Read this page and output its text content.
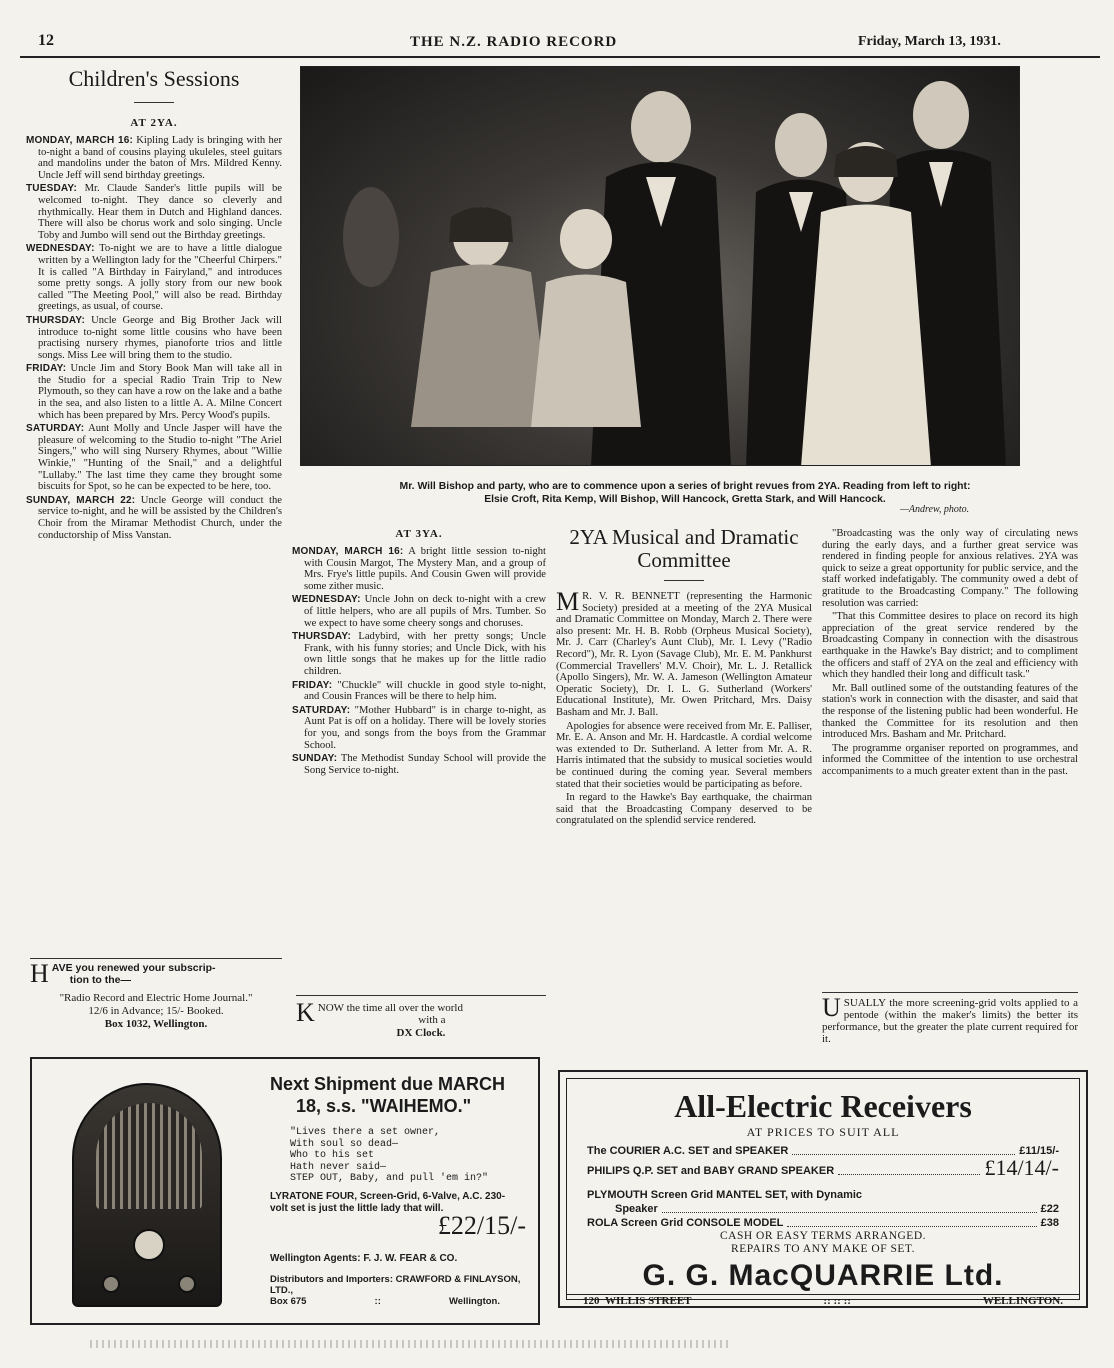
12	THE N.Z. RADIO RECORD	Friday, March 13, 1931.
Children's Sessions
AT 2YA.

MONDAY, MARCH 16: Kipling Lady is bringing with her to-night a band of cousins playing ukuleles, steel guitars and mandolins under the baton of Mrs. Mildred Kenny. Uncle Jeff will send birthday greetings.

TUESDAY: Mr. Claude Sander's little pupils will be welcomed to-night. They dance so cleverly and rhythmically. Hear them in Dutch and Highland dances. There will also be chorus work and solo singing. Uncle Toby and Jumbo will send out the Birthday greetings.

WEDNESDAY: To-night we are to have a little dialogue written by a Wellington lady for the "Cheerful Chirpers." It is called "A Birthday in Fairyland," and introduces some pretty songs. A jolly story from our new book called "The Meeting Pool," will also be read. Birthday greetings, as usual, of course.

THURSDAY: Uncle George and Big Brother Jack will introduce to-night some little cousins who have been practising nursery rhymes, pianoforte trios and little songs. Miss Lee will bring them to the studio.

FRIDAY: Uncle Jim and Story Book Man will take all in the Studio for a special Radio Train Trip to New Plymouth, so they can have a row on the lake and a bathe in the sea, and also listen to a little A. A. Milne Concert which has been prepared by Mrs. Percy Wood's pupils.

SATURDAY: Aunt Molly and Uncle Jasper will have the pleasure of welcoming to the Studio to-night "The Ariel Singers," who will sing Nursery Rhymes, about "Willie Winkie," "Hunting of the Snail," and a delightful "Lullaby." The last time they came they brought some biscuits for Spot, so he can be expected to be here, too.

SUNDAY, MARCH 22: Uncle George will conduct the service to-night, and he will be assisted by the Children's Choir from the Miramar Methodist Church, under the conductorship of Miss Vanstan.

H AVE you renewed your subscrip-
tion to the—
"Radio Record and Electric Home Journal."
12/6 in Advance; 15/- Booked.
Box 1032, Wellington.
Mr. Will Bishop and party, who are to commence upon a series of bright revues from 2YA. Reading from left to right:
Elsie Croft, Rita Kemp, Will Bishop, Will Hancock, Gretta Stark, and Will Hancock.
—Andrew, photo.
AT 3YA.

MONDAY, MARCH 16: A bright little session to-night with Cousin Margot, The Mystery Man, and a group of Mrs. Frye's little pupils. And Cousin Gwen will provide some zither music.

WEDNESDAY: Uncle John on deck to-night with a crew of little helpers, who are all pupils of Mrs. Tumber. So we expect to have some cheery songs and choruses.

THURSDAY: Ladybird, with her pretty songs; Uncle Frank, with his funny stories; and Uncle Dick, with his own little songs that he makes up for the little radio children.

FRIDAY: "Chuckle" will chuckle in good style to-night, and Cousin Frances will be there to help him.

SATURDAY: "Mother Hubbard" is in charge to-night, as Aunt Pat is off on a holiday. There will be lovely stories for you, and songs from the boys from the Grammar School.

SUNDAY: The Methodist Sunday School will provide the Song Service to-night.

K NOW the time all over the world
with a
DX Clock.
2YA Musical and Dramatic Committee

M R. V. R. BENNETT (representing the Harmonic Society) presided at a meeting of the 2YA Musical and Dramatic Committee on Monday, March 2. There were also present: Mr. H. B. Robb (Orpheus Musical Society), Mr. J. Carr (Charley's Aunt Club), Mr. I. Levy ("Radio Record"), Mr. R. Lyon (Savage Club), Mr. E. M. Pankhurst (Commercial Travellers' M.V. Choir), Mr. L. J. Retallick (Apollo Singers), Mr. W. A. Jameson (Wellington Amateur Operatic Society), Dr. I. L. G. Sutherland (Workers' Educational Institute), Mr. Owen Pritchard, Mrs. Daisy Basham and Mr. J. Ball.

Apologies for absence were received from Mr. E. Palliser, Mr. E. A. Anson and Mr. H. Hardcastle. A cordial welcome was extended to Dr. Sutherland. A letter from Mr. A. R. Harris intimated that the subsidy to musical societies would be continued during the coming year. Several members stated that their societies would be participating as before.

In regard to the Hawke's Bay earthquake, the chairman said that the Broadcasting Company deserved to be congratulated on the splendid service rendered.

"Broadcasting was the only way of circulating news during the early days, and a further great service was rendered in finding people for anxious relatives. 2YA was quick to seize a great opportunity for public service, and the staff worked indefatigably. The community owed a debt of gratitude to the Broadcasting Company." The following resolution was carried:

"That this Committee desires to place on record its high appreciation of the great service rendered by the Broadcasting Company in connection with the disastrous earthquake in the Hawke's Bay district; and to compliment the officers and staff of 2YA on the zeal and efficiency with which they handled their long and difficult task."

Mr. Ball outlined some of the outstanding features of the station's work in connection with the disaster, and said that the response of the listening public had been wonderful. He thanked the Committee for its resolution and then introduced Mrs. Basham and Mr. Pritchard.

The programme organiser reported on programmes, and informed the Committee of the intention to use orchestral accompaniments to a much greater extent than in the past.

USUALLY the more screening-grid volts applied to a pentode (within the maker's limits) the better its performance, but the greater the plate current required for it.
Next Shipment due MARCH
18, s.s. "WAIHEMO."
"Lives there a set owner,
With soul so dead—
Who to his set
Hath never said—
STEP OUT, Baby, and pull 'em in?"
LYRATONE FOUR, Screen-Grid, 6-Valve, A.C. 230-volt set is just the little lady that will.
£22/15/-
Wellington Agents: F. J. W. FEAR & CO.
Distributors and Importers: CRAWFORD & FINLAYSON, LTD.,
Box 675	::	Wellington.
All-Electric Receivers
AT PRICES TO SUIT ALL
The COURIER A.C. SET and SPEAKER	£11/15/-
PHILIPS Q.P. SET and BABY GRAND SPEAKER	£14/14/-
PLYMOUTH Screen Grid MANTEL SET, with Dynamic
Speaker	£22
ROLA Screen Grid CONSOLE MODEL	£38
CASH OR EASY TERMS ARRANGED.
REPAIRS TO ANY MAKE OF SET.
G. G. MacQUARRIE Ltd.
120 WILLIS STREET	:: :: ::	WELLINGTON.
